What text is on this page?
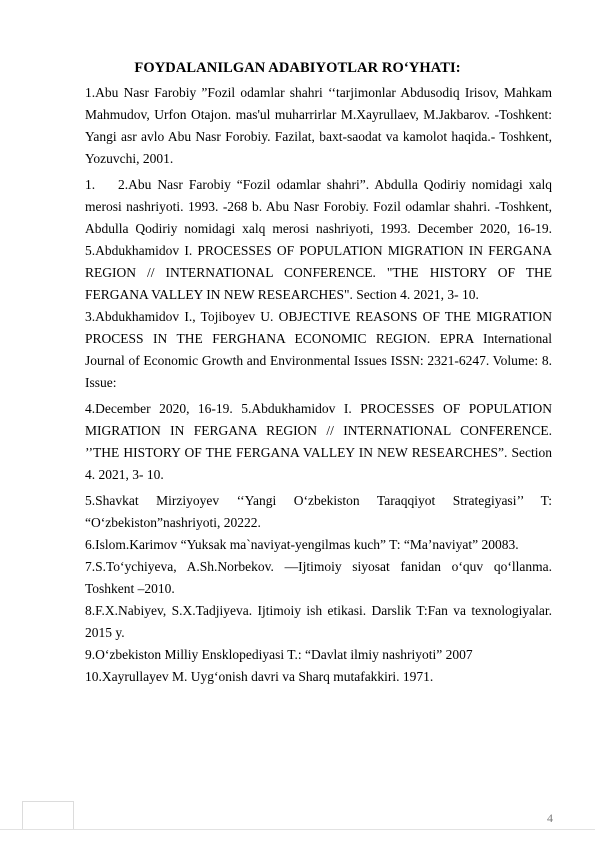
FOYDALANILGAN ADABIYOTLAR RO‘YHATI:

1.Abu Nasr Farobiy ”Fozil odamlar shahri ‘‘tarjimonlar Abdusodiq Irisov, Mahkam Mahmudov, Urfon Otajon. mas'ul muharrirlar M.Xayrullaev, M.Jakbarov. -Toshkent: Yangi asr avlo Abu Nasr Forobiy. Fazilat, baxt-saodat va kamolot haqida.- Toshkent, Yozuvchi, 2001.

1. 2.Abu Nasr Farobiy “Fozil odamlar shahri”. Abdulla Qodiriy nomidagi xalq merosi nashriyoti. 1993. -268 b. Abu Nasr Forobiy. Fozil odamlar shahri. -Toshkent, Abdulla Qodiriy nomidagi xalq merosi nashriyoti, 1993. December 2020, 16-19. 5.Abdukhamidov I. PROCESSES OF POPULATION MIGRATION IN FERGANA REGION // INTERNATIONAL CONFERENCE. "THE HISTORY OF THE FERGANA VALLEY IN NEW RESEARCHES". Section 4. 2021, 3- 10.

3.Abdukhamidov I., Tojiboyev U. OBJECTIVE REASONS OF THE MIGRATION PROCESS IN THE FERGHANA ECONOMIC REGION. EPRA International Journal of Economic Growth and Environmental Issues ISSN: 2321-6247. Volume: 8. Issue:

4.December 2020, 16-19. 5.Abdukhamidov I. PROCESSES OF POPULATION MIGRATION IN FERGANA REGION // INTERNATIONAL CONFERENCE. ’’THE HISTORY OF THE FERGANA VALLEY IN NEW RESEARCHES”. Section 4. 2021, 3- 10.

5.Shavkat Mirziyoyev ‘‘Yangi O‘zbekiston Taraqqiyot Strategiyasi’’ T: “O‘zbekiston”nashriyoti, 20222.

6.Islom.Karimov “Yuksak ma`naviyat-yengilmas kuch” T: “Ma’naviyat” 20083.

7.S.To‘ychiyeva, A.Sh.Norbekov. ―Ijtimoiy siyosat fanidan o‘quv qo‘llanma. Toshkent –2010.

8.F.X.Nabiyev, S.X.Tadjiyeva. Ijtimoiy ish etikasi. Darslik T:Fan va texnologiyalar. 2015 y.

9.O‘zbekiston Milliy Ensklopediyasi T.: “Davlat ilmiy nashriyoti” 2007

10.Xayrullayev M. Uyg‘onish davri va Sharq mutafakkiri. 1971.

4
